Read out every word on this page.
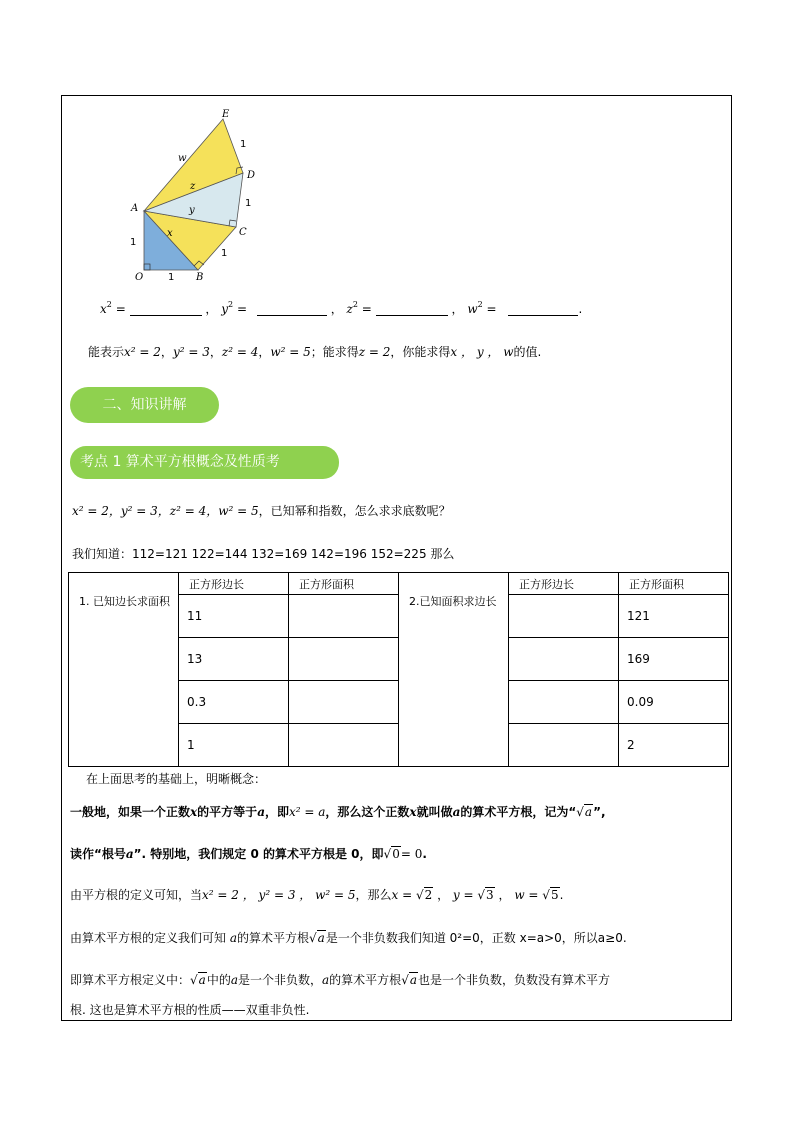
E
D
A
C
O	B
w
z
y
x
1
1
1
1
1
$x^2$ =	， $y^2$ =	， $z^2$ =	， $w^2$ =	.
能表示x² = 2，y² = 3，z² = 4，w² = 5；能求得z = 2，你能求得x ， y ， w的值.
二、知识讲解
考点 1 算术平方根概念及性质考
x² = 2，y² = 3，z² = 4，w² = 5，已知幂和指数，怎么求求底数呢？
我们知道：112=121 122=144 132=169 142=196 152=225 那么
1. 已知边长求面积	正方形边长	正方形面积	2.已知面积求边长	正方形边长	正方形面积
	11				121
	13				169
	0.3				0.09
	1				2
在上面思考的基础上，明晰概念：
一般地，如果一个正数x的平方等于a，即x² = a，那么这个正数x就叫做a的算术平方根，记为“√a”,
读作“根号a”. 特别地，我们规定 0 的算术平方根是 0，即√0= 0.
由平方根的定义可知，当x² = 2 ， y² = 3 ， w² = 5，那么x = √2 ， y = √3 ， w = √5.
由算术平方根的定义我们可知 a的算术平方根√a是一个非负数我们知道 0²=0，正数 x=a>0，所以a≥0.
即算术平方根定义中：√a中的a是一个非负数，a的算术平方根√a也是一个非负数，负数没有算术平方
根. 这也是算术平方根的性质——双重非负性.
